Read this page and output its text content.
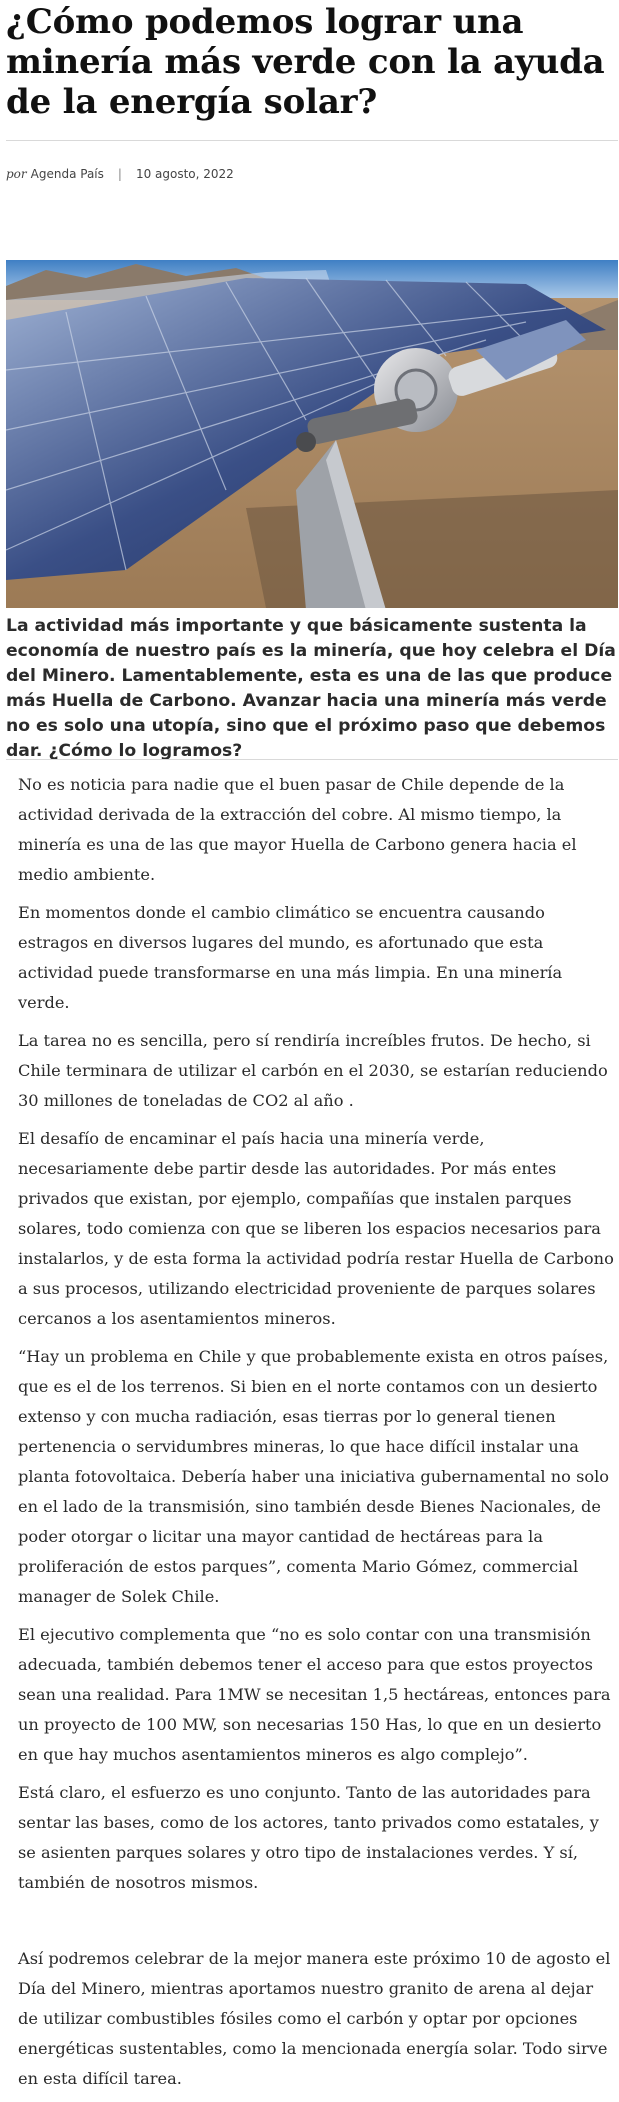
¿Cómo podemos lograr una minería más verde con la ayuda de la energía solar?
por Agenda País | 10 agosto, 2022

La actividad más importante y que básicamente sustenta la economía de nuestro país es la minería, que hoy celebra el Día del Minero. Lamentablemente, esta es una de las que produce más Huella de Carbono. Avanzar hacia una minería más verde no es solo una utopía, sino que el próximo paso que debemos dar. ¿Cómo lo logramos?

No es noticia para nadie que el buen pasar de Chile depende de la actividad derivada de la extracción del cobre. Al mismo tiempo, la minería es una de las que mayor Huella de Carbono genera hacia el medio ambiente.

En momentos donde el cambio climático se encuentra causando estragos en diversos lugares del mundo, es afortunado que esta actividad puede transformarse en una más limpia. En una minería verde.

La tarea no es sencilla, pero sí rendiría increíbles frutos. De hecho, si Chile terminara de utilizar el carbón en el 2030, se estarían reduciendo 30 millones de toneladas de CO2 al año .

El desafío de encaminar el país hacia una minería verde, necesariamente debe partir desde las autoridades. Por más entes privados que existan, por ejemplo, compañías que instalen parques solares, todo comienza con que se liberen los espacios necesarios para instalarlos, y de esta forma la actividad podría restar Huella de Carbono a sus procesos, utilizando electricidad proveniente de parques solares cercanos a los asentamientos mineros.

“Hay un problema en Chile y que probablemente exista en otros países, que es el de los terrenos. Si bien en el norte contamos con un desierto extenso y con mucha radiación, esas tierras por lo general tienen pertenencia o servidumbres mineras, lo que hace difícil instalar una planta fotovoltaica. Debería haber una iniciativa gubernamental no solo en el lado de la transmisión, sino también desde Bienes Nacionales, de poder otorgar o licitar una mayor cantidad de hectáreas para la proliferación de estos parques”, comenta Mario Gómez, commercial manager de Solek Chile.

El ejecutivo complementa que “no es solo contar con una transmisión adecuada, también debemos tener el acceso para que estos proyectos sean una realidad. Para 1MW se necesitan 1,5 hectáreas, entonces para un proyecto de 100 MW, son necesarias 150 Has, lo que en un desierto en que hay muchos asentamientos mineros es algo complejo”.

Está claro, el esfuerzo es uno conjunto. Tanto de las autoridades para sentar las bases, como de los actores, tanto privados como estatales, y se asienten parques solares y otro tipo de instalaciones verdes. Y sí, también de nosotros mismos.

Así podremos celebrar de la mejor manera este próximo 10 de agosto el Día del Minero, mientras aportamos nuestro granito de arena al dejar de utilizar combustibles fósiles como el carbón y optar por opciones energéticas sustentables, como la mencionada energía solar. Todo sirve en esta difícil tarea.
